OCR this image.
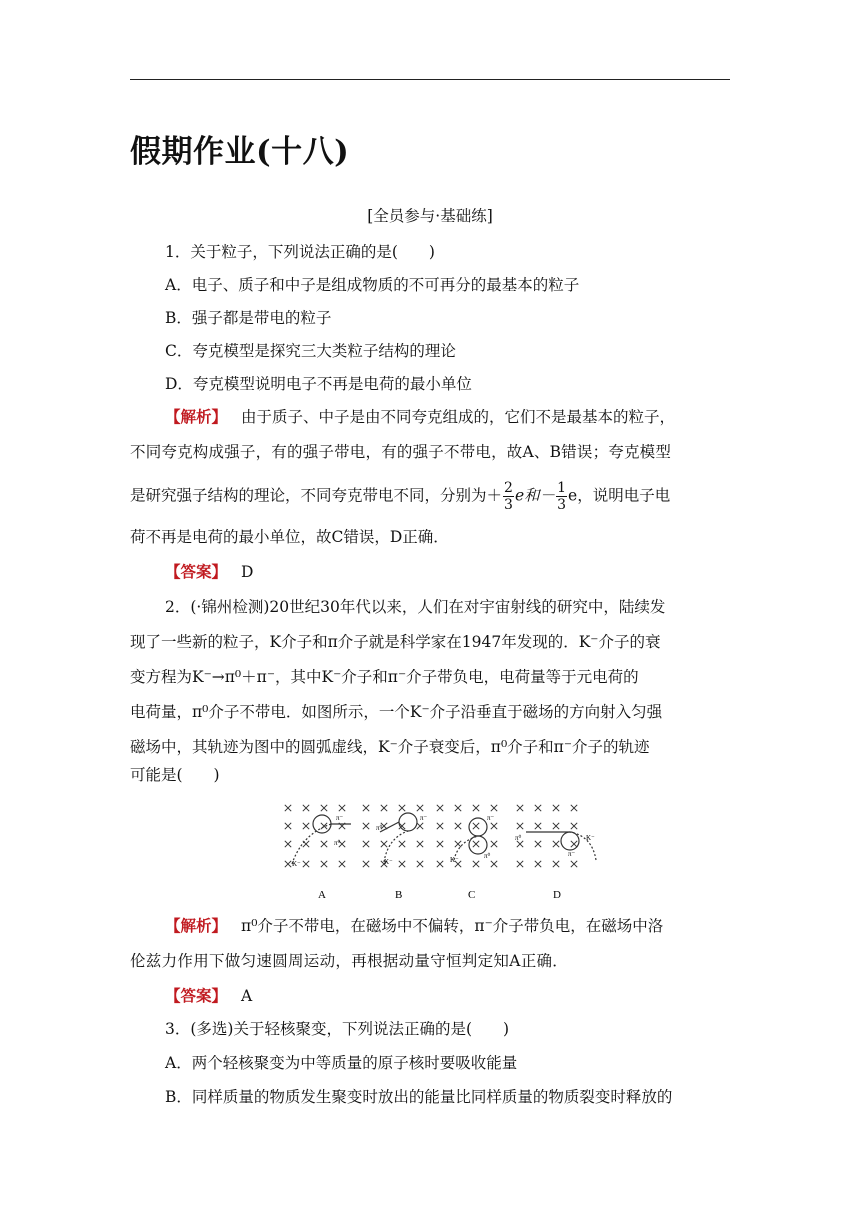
假期作业(十八)
[全员参与·基础练]
1．关于粒子，下列说法正确的是(　　)
A．电子、质子和中子是组成物质的不可再分的最基本的粒子
B．强子都是带电的粒子
C．夸克模型是探究三大类粒子结构的理论
D．夸克模型说明电子不再是电荷的最小单位
【解析】 由于质子、中子是由不同夸克组成的，它们不是最基本的粒子，
不同夸克构成强子，有的强子带电，有的强子不带电，故A、B错误；夸克模型
是研究强子结构的理论，不同夸克带电不同，分别为＋ $\frac{2}{3}$ e和－ $\frac{1}{3}$ e，说明电子电
荷不再是电荷的最小单位，故C错误，D正确．
【答案】 D
2．(·锦州检测)20世纪30年代以来，人们在对宇宙射线的研究中，陆续发
现了一些新的粒子，K介子和π介子就是科学家在1947年发现的．K⁻介子的衰
变方程为K⁻→π⁰＋π⁻，其中K⁻介子和π⁻介子带负电，电荷量等于元电荷的
电荷量，π⁰介子不带电．如图所示，一个K⁻介子沿垂直于磁场的方向射入匀强
磁场中，其轨迹为图中的圆弧虚线，K⁻介子衰变后，π⁰介子和π⁻介子的轨迹
可能是(　　)
π⁻
π⁰
K⁻
π⁰
π⁻
K⁻
π⁻
π⁰
K⁻
π⁰
π⁻
K⁻
A	B	C	D
【解析】 π⁰介子不带电，在磁场中不偏转，π⁻介子带负电，在磁场中洛
伦兹力作用下做匀速圆周运动，再根据动量守恒判定知A正确．
【答案】 A
3．(多选)关于轻核聚变，下列说法正确的是(　　)
A．两个轻核聚变为中等质量的原子核时要吸收能量
B．同样质量的物质发生聚变时放出的能量比同样质量的物质裂变时释放的
